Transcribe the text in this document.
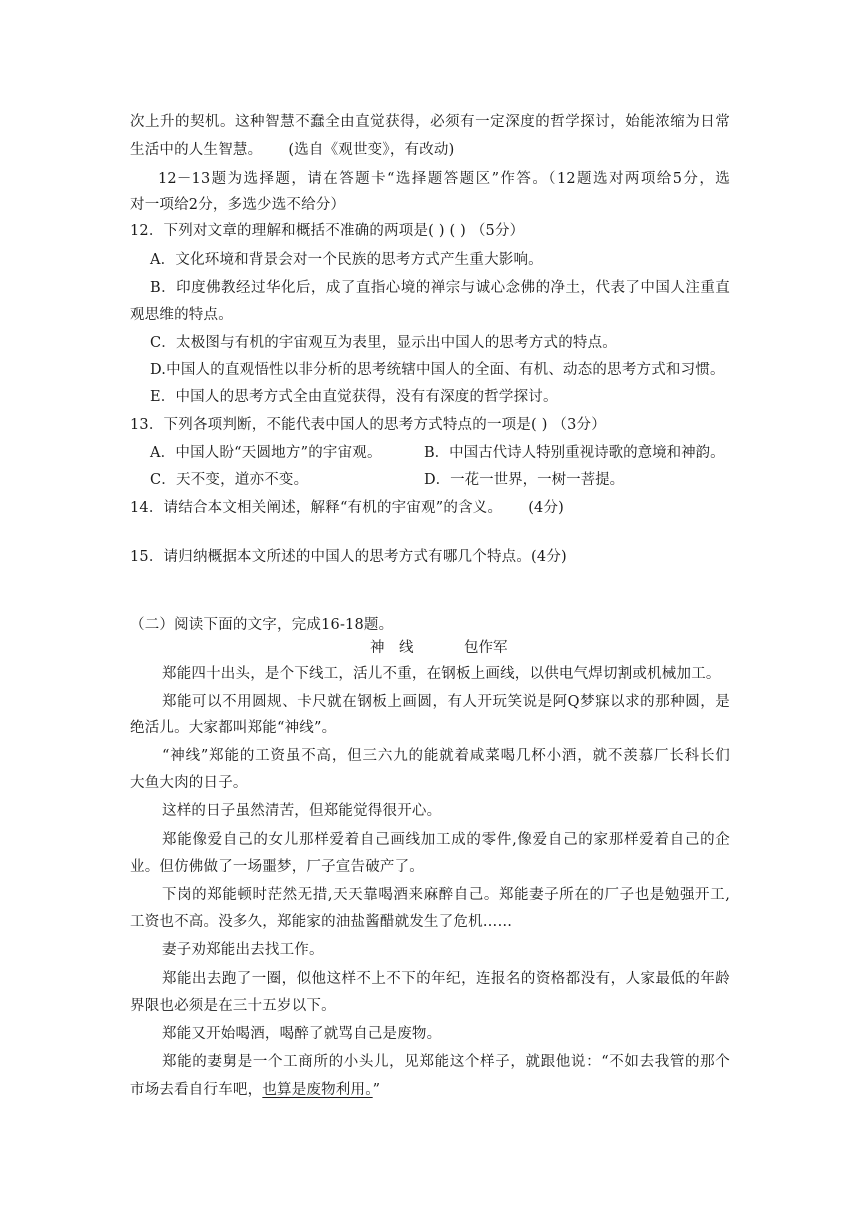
次上升的契机。这种智慧不蠢全由直觉获得，必须有一定深度的哲学探讨，始能浓缩为日常
生活中的人生智慧。 (选自《观世变》，有改动)
12－13题为选择题，请在答题卡“选择题答题区”作答。（12题选对两项给5分，选
对一项给2分，多选少选不给分）
12．下列对文章的理解和概括不准确的两项是( ) ( ) （5分）
A．文化环境和背景会对一个民族的思考方式产生重大影响。
B．印度佛教经过华化后，成了直指心境的禅宗与诚心念佛的净土，代表了中国人注重直
观思维的特点。
C．太极图与有机的宇宙观互为表里，显示出中国人的思考方式的特点。
D.中国人的直观悟性以非分析的思考统辖中国人的全面、有机、动态的思考方式和习惯。
E．中国人的思考方式全由直觉获得，没有有深度的哲学探讨。
13．下列各项判断，不能代表中国人的思考方式特点的一项是( ) （3分）
A．中国人盼“天圆地方”的宇宙观。	B．中国古代诗人特别重视诗歌的意境和神韵。
C．天不变，道亦不变。	D．一花一世界，一树一菩提。
14．请结合本文相关阐述，解释“有机的宇宙观”的含义。 (4分)
15．请归纳概据本文所述的中国人的思考方式有哪几个特点。(4分)
（二）阅读下面的文字，完成16-18题。
神　线	包作军
郑能四十出头，是个下线工，活儿不重，在钢板上画线，以供电气焊切割或机械加工。
郑能可以不用圆规、卡尺就在钢板上画圆，有人开玩笑说是阿Q梦寐以求的那种圆，是
绝活儿。大家都叫郑能“神线”。
“神线”郑能的工资虽不高，但三六九的能就着咸菜喝几杯小酒，就不羡慕厂长科长们
大鱼大肉的日子。
这样的日子虽然清苦，但郑能觉得很开心。
郑能像爱自己的女儿那样爱着自己画线加工成的零件,像爱自己的家那样爱着自己的企
业。但仿佛做了一场噩梦，厂子宣告破产了。
下岗的郑能顿时茫然无措,天天靠喝酒来麻醉自己。郑能妻子所在的厂子也是勉强开工,
工资也不高。没多久，郑能家的油盐酱醋就发生了危机……
妻子劝郑能出去找工作。
郑能出去跑了一圈，似他这样不上不下的年纪，连报名的资格都没有，人家最低的年龄
界限也必须是在三十五岁以下。
郑能又开始喝酒，喝醉了就骂自己是废物。
郑能的妻舅是一个工商所的小头儿，见郑能这个样子，就跟他说：“不如去我管的那个
市场去看自行车吧，也算是废物利用。”
